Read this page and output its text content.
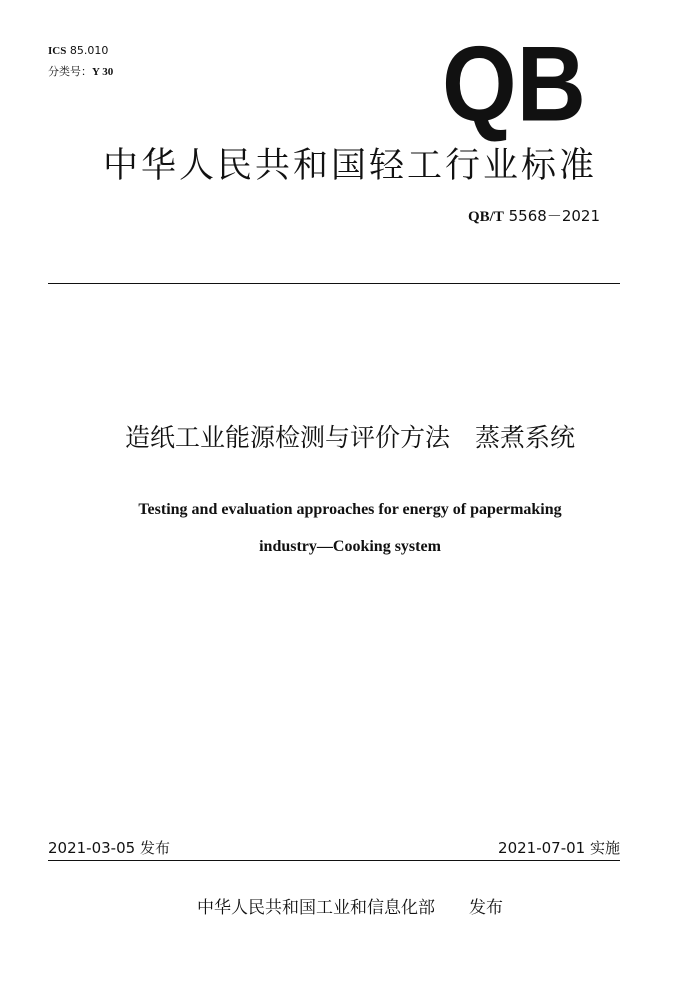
ICS 85.010
分类号：Y 30	QB
中华人民共和国轻工行业标准
QB/T 5568－2021
造纸工业能源检测与评价方法　蒸煮系统
Testing and evaluation approaches for energy of papermaking
industry—Cooking system
2021-03-05 发布	2021-07-01 实施
中华人民共和国工业和信息化部　　发布
